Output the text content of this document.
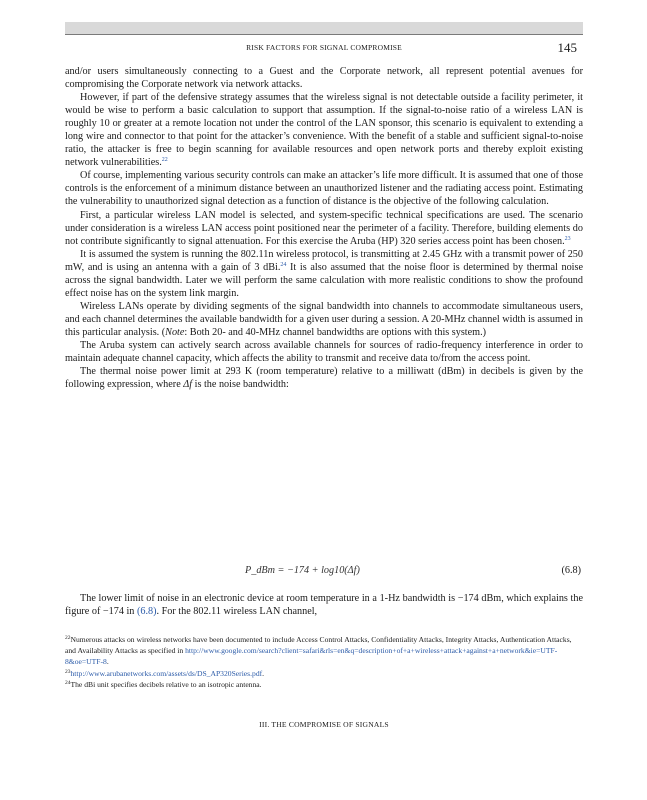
RISK FACTORS FOR SIGNAL COMPROMISE	145

and/or users simultaneously connecting to a Guest and the Corporate network, all represent potential avenues for compromising the Corporate network via network attacks.

However, if part of the defensive strategy assumes that the wireless signal is not detectable outside a facility perimeter, it would be wise to perform a basic calculation to support that assumption. If the signal-to-noise ratio of a wireless LAN is roughly 10 or greater at a remote location not under the control of the LAN sponsor, this scenario is equivalent to extending a long wire and connector to that point for the attacker’s convenience. With the benefit of a stable and sufficient signal-to-noise ratio, the attacker is free to begin scanning for available resources and open network ports and thereby exploit existing network vulnerabilities.$^{22}$

Of course, implementing various security controls can make an attacker’s life more difficult. It is assumed that one of those controls is the enforcement of a minimum distance between an unauthorized listener and the radiating access point. Estimating the vulnerability to unauthorized signal detection as a function of distance is the objective of the following calculation.

First, a particular wireless LAN model is selected, and system-specific technical specifications are used. The scenario under consideration is a wireless LAN access point positioned near the perimeter of a facility. Therefore, building elements do not contribute significantly to signal attenuation. For this exercise the Aruba (HP) 320 series access point has been chosen.$^{23}$

It is assumed the system is running the 802.11n wireless protocol, is transmitting at 2.45 GHz with a transmit power of 250 mW, and is using an antenna with a gain of 3 dBi.$^{24}$ It is also assumed that the noise floor is determined by thermal noise across the signal bandwidth. Later we will perform the same calculation with more realistic conditions to show the profound effect noise has on the system link margin.

Wireless LANs operate by dividing segments of the signal bandwidth into channels to accommodate simultaneous users, and each channel determines the available bandwidth for a given user during a session. A 20-MHz channel width is assumed in this particular analysis. (Note: Both 20- and 40-MHz channel bandwidths are options with this system.)

The Aruba system can actively search across available channels for sources of radio-frequency interference in order to maintain adequate channel capacity, which affects the ability to transmit and receive data to/from the access point.

The thermal noise power limit at 293 K (room temperature) relative to a milliwatt (dBm) in decibels is given by the following expression, where Δf is the noise bandwidth:

P_dBm = −174 + log10(Δf)	(6.8)

The lower limit of noise in an electronic device at room temperature in a 1-Hz bandwidth is −174 dBm, which explains the figure of −174 in (6.8). For the 802.11 wireless LAN channel,

$^{22}$Numerous attacks on wireless networks have been documented to include Access Control Attacks, Confidentiality Attacks, Integrity Attacks, Authentication Attacks, and Availability Attacks as specified in http://www.google.com/search?client=safari&rls=en&q=description+of+a+wireless+attack+against+a+network&ie=UTF-8&oe=UTF-8.

$^{23}$http://www.arubanetworks.com/assets/ds/DS_AP320Series.pdf.

$^{24}$The dBi unit specifies decibels relative to an isotropic antenna.

III. THE COMPROMISE OF SIGNALS
